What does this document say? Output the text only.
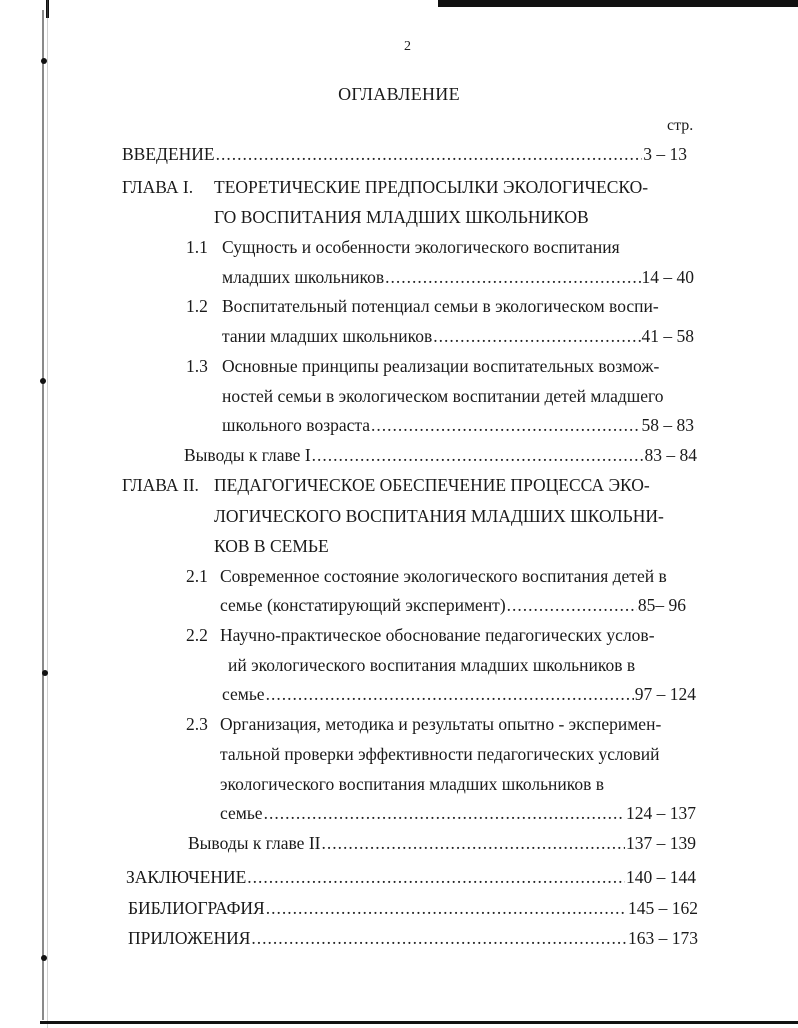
2
ОГЛАВЛЕНИЕ
стр.
ВВЕДЕНИЕ .....	3 – 13
ГЛАВА I. ТЕОРЕТИЧЕСКИЕ ПРЕДПОСЫЛКИ ЭКОЛОГИЧЕСКО-
ГО ВОСПИТАНИЯ МЛАДШИХ ШКОЛЬНИКОВ
1.1 Сущность и особенности экологического воспитания
младших школьников .....	14 – 40
1.2 Воспитательный потенциал семьи в экологическом воспи-
тании младших школьников .....	41 – 58
1.3 Основные принципы реализации воспитательных возмож-
ностей семьи в экологическом воспитании детей младшего
школьного возраста .....	58 – 83
Выводы к главе I .....	83 – 84
ГЛАВА II. ПЕДАГОГИЧЕСКОЕ ОБЕСПЕЧЕНИЕ ПРОЦЕССА ЭКО-
ЛОГИЧЕСКОГО ВОСПИТАНИЯ МЛАДШИХ ШКОЛЬНИ-
КОВ В СЕМЬЕ
2.1 Современное состояние экологического воспитания детей в
семье (констатирующий эксперимент) .....	85– 96
2.2 Научно-практическое обоснование педагогических услов-
ий экологического воспитания младших школьников в
семье .....	97 – 124
2.3 Организация, методика и результаты опытно - эксперимен-
тальной проверки эффективности педагогических условий
экологического воспитания младших школьников в
семье .....	124 – 137
Выводы к главе II .....	137 – 139
ЗАКЛЮЧЕНИЕ .....	140 – 144
БИБЛИОГРАФИЯ .....	145 – 162
ПРИЛОЖЕНИЯ .....	163 – 173
